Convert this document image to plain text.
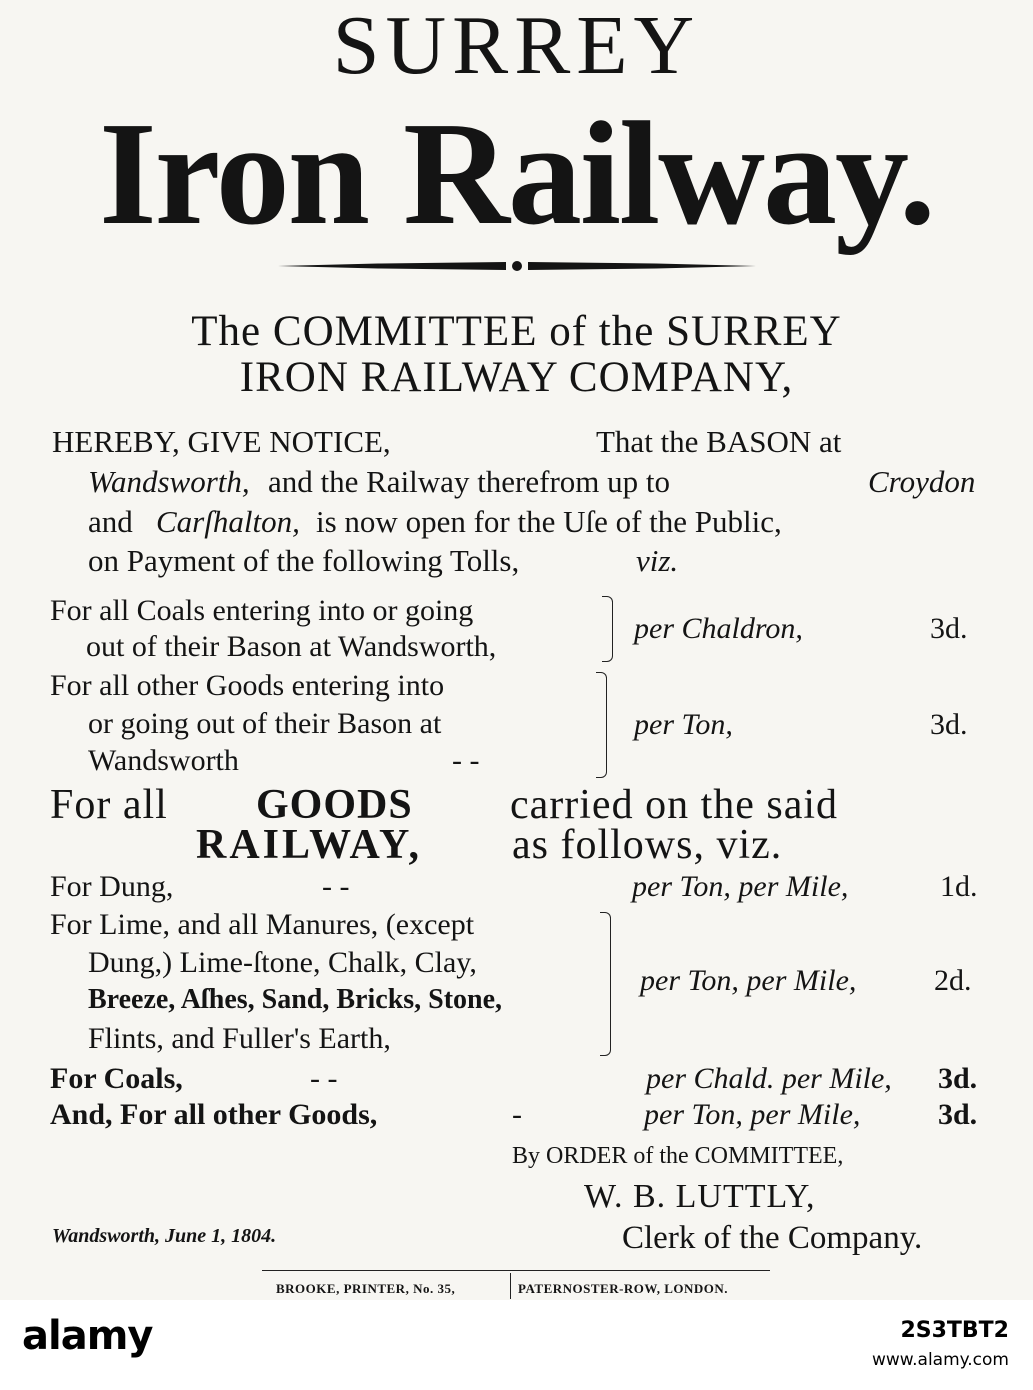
SURREY
Iron Railway.
The COMMITTEE of the SURREY
IRON RAILWAY COMPANY,
HEREBY, GIVE NOTICE,	That the BASON at
Wandsworth, and the Railway therefrom up to	Croydon
and Carſhalton, is now open for the Uſe of the Public,
on Payment of the following Tolls,	viz.
For all Coals entering into or going
out of their Bason at Wandsworth,
per Chaldron,	3d.
For all other Goods entering into
or going out of their Bason at
Wandsworth	- -
per Ton,	3d.
For all GOODS carried on the said
RAILWAY, as follows, viz.
For Dung,	- -	per Ton, per Mile,	1d.
For Lime, and all Manures, (except
Dung,) Lime-ſtone, Chalk, Clay,
Breeze, Aſhes, Sand, Bricks, Stone,
Flints, and Fuller's Earth,
per Ton, per Mile,	2d.
For Coals,	- -	per Chald. per Mile, 3d.
And, For all other Goods,	-	per Ton, per Mile,	3d.
By ORDER of the COMMITTEE,
W. B. LUTTLY,
Clerk of the Company.
Wandsworth, June 1, 1804.
BROOKE, PRINTER, No. 35,	PATERNOSTER-ROW, LONDON.
alamy	2S3TBT2
www.alamy.com
